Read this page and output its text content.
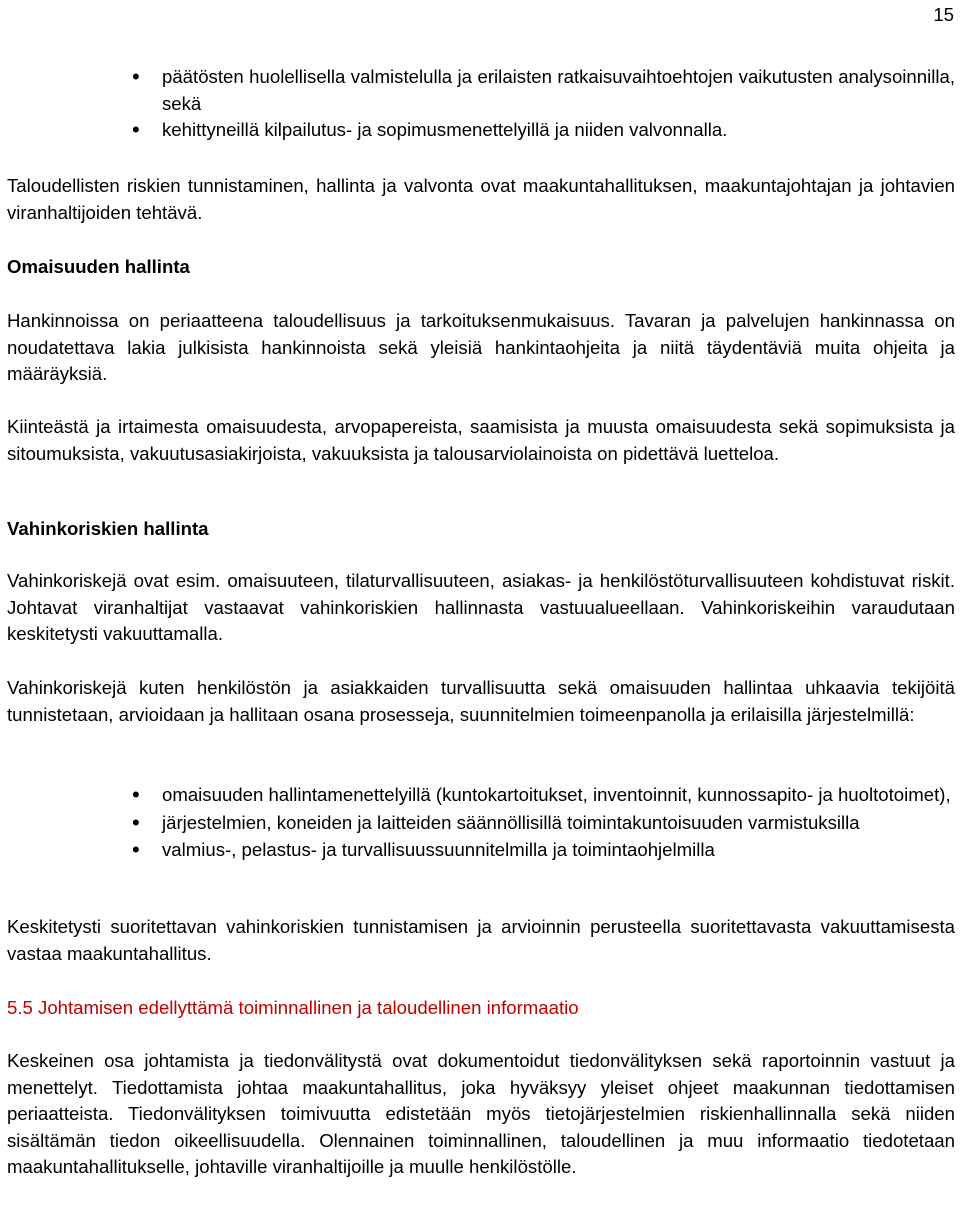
15
• päätösten huolellisella valmistelulla ja erilaisten ratkaisuvaihtoehtojen vaikutusten analysoinnilla, sekä
• kehittyneillä kilpailutus- ja sopimusmenettelyillä ja niiden valvonnalla.

Taloudellisten riskien tunnistaminen, hallinta ja valvonta ovat maakuntahallituksen, maakuntajohtajan ja johtavien viranhaltijoiden tehtävä.

Omaisuuden hallinta

Hankinnoissa on periaatteena taloudellisuus ja tarkoituksenmukaisuus. Tavaran ja palvelujen hankinnassa on noudatettava lakia julkisista hankinnoista sekä yleisiä hankintaohjeita ja niitä täydentäviä muita ohjeita ja määräyksiä.

Kiinteästä ja irtaimesta omaisuudesta, arvopapereista, saamisista ja muusta omaisuudesta sekä sopimuksista ja sitoumuksista, vakuutusasiakirjoista, vakuuksista ja talousarviolainoista on pidettävä luetteloa.

Vahinkoriskien hallinta

Vahinkoriskejä ovat esim. omaisuuteen, tilaturvallisuuteen, asiakas- ja henkilöstöturvallisuuteen kohdistuvat riskit. Johtavat viranhaltijat vastaavat vahinkoriskien hallinnasta vastuualueellaan. Vahinkoriskeihin varaudutaan keskitetysti vakuuttamalla.

Vahinkoriskejä kuten henkilöstön ja asiakkaiden turvallisuutta sekä omaisuuden hallintaa uhkaavia tekijöitä tunnistetaan, arvioidaan ja hallitaan osana prosesseja, suunnitelmien toimeenpanolla ja erilaisilla järjestelmillä:

• omaisuuden hallintamenettelyillä (kuntokartoitukset, inventoinnit, kunnossapito- ja huoltotoimet),
• järjestelmien, koneiden ja laitteiden säännöllisillä toimintakuntoisuuden varmistuksilla
• valmius-, pelastus- ja turvallisuussuunnitelmilla ja toimintaohjelmilla

Keskitetysti suoritettavan vahinkoriskien tunnistamisen ja arvioinnin perusteella suoritettavasta vakuuttamisesta vastaa maakuntahallitus.

5.5 Johtamisen edellyttämä toiminnallinen ja taloudellinen informaatio

Keskeinen osa johtamista ja tiedonvälitystä ovat dokumentoidut tiedonvälityksen sekä raportoinnin vastuut ja menettelyt. Tiedottamista johtaa maakuntahallitus, joka hyväksyy yleiset ohjeet maakunnan tiedottamisen periaatteista. Tiedonvälityksen toimivuutta edistetään myös tietojärjestelmien riskienhallinnalla sekä niiden sisältämän tiedon oikeellisuudella. Olennainen toiminnallinen, taloudellinen ja muu informaatio tiedotetaan maakuntahallitukselle, johtaville viranhaltijoille ja muulle henkilöstölle.
